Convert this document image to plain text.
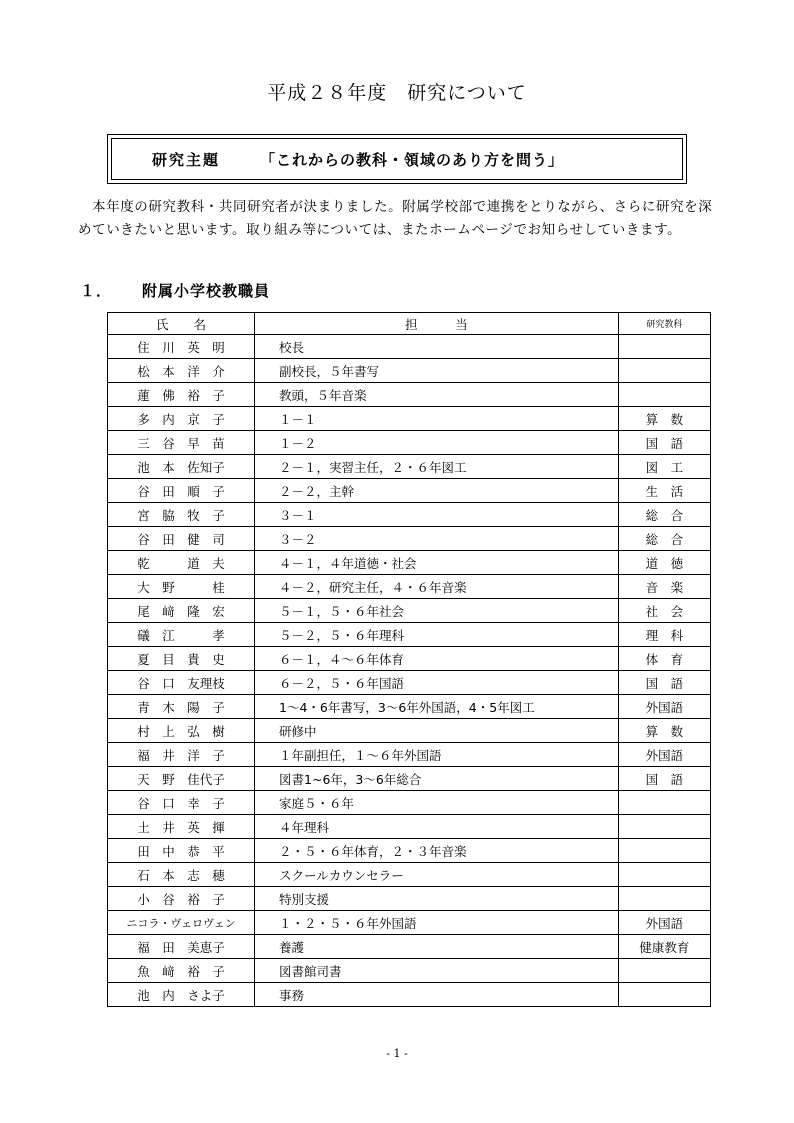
平成２８年度　研究について
研究主題	「これからの教科・領域のあり方を問う」

本年度の研究教科・共同研究者が決まりました。附属学校部で連携をとりながら、さらに研究を深めていきたいと思います。取り組み等については、またホームページでお知らせしていきます。

１． 附属小学校教職員
氏　　名	担　　　当	研究教科
住　川　英　明	校長	
松　本　洋　介	副校長，５年書写	
蓮　佛　裕　子	教頭，５年音楽	
多　内　京　子	１－１	算　数
三　谷　早　苗	１－２	国　語
池　本　佐知子	２－１，実習主任，２・６年図工	図　工
谷　田　順　子	２－２，主幹	生　活
宮　脇　牧　子	３－１	総　合
谷　田　健　司	３－２	総　合
乾　　　道　夫	４－１，４年道徳・社会	道　徳
大　野　　　桂	４－２，研究主任，４・６年音楽	音　楽
尾　﨑　隆　宏	５－１，５・６年社会	社　会
礒　江　　　孝	５－２，５・６年理科	理　科
夏　目　貴　史	６－１，４～６年体育	体　育
谷　口　友理枝	６－２，５・６年国語	国　語
青　木　陽　子	1～4・6年書写，3～6年外国語，4・5年図工	外国語
村　上　弘　樹	研修中	算　数
福　井　洋　子	１年副担任，１～６年外国語	外国語
天　野　佳代子	図書1~6年，3～6年総合	国　語
谷　口　幸　子	家庭５・６年	
土　井　英　揮	４年理科	
田　中　恭　平	２・５・６年体育，２・３年音楽	
石　本　志　穂	スクールカウンセラー	
小　谷　裕　子	特別支援	
ニコラ・ヴェロヴェン	１・２・５・６年外国語	外国語
福　田　美恵子	養護	健康教育
魚　﨑　裕　子	図書館司書	
池　内　さよ子	事務	
- 1 -
